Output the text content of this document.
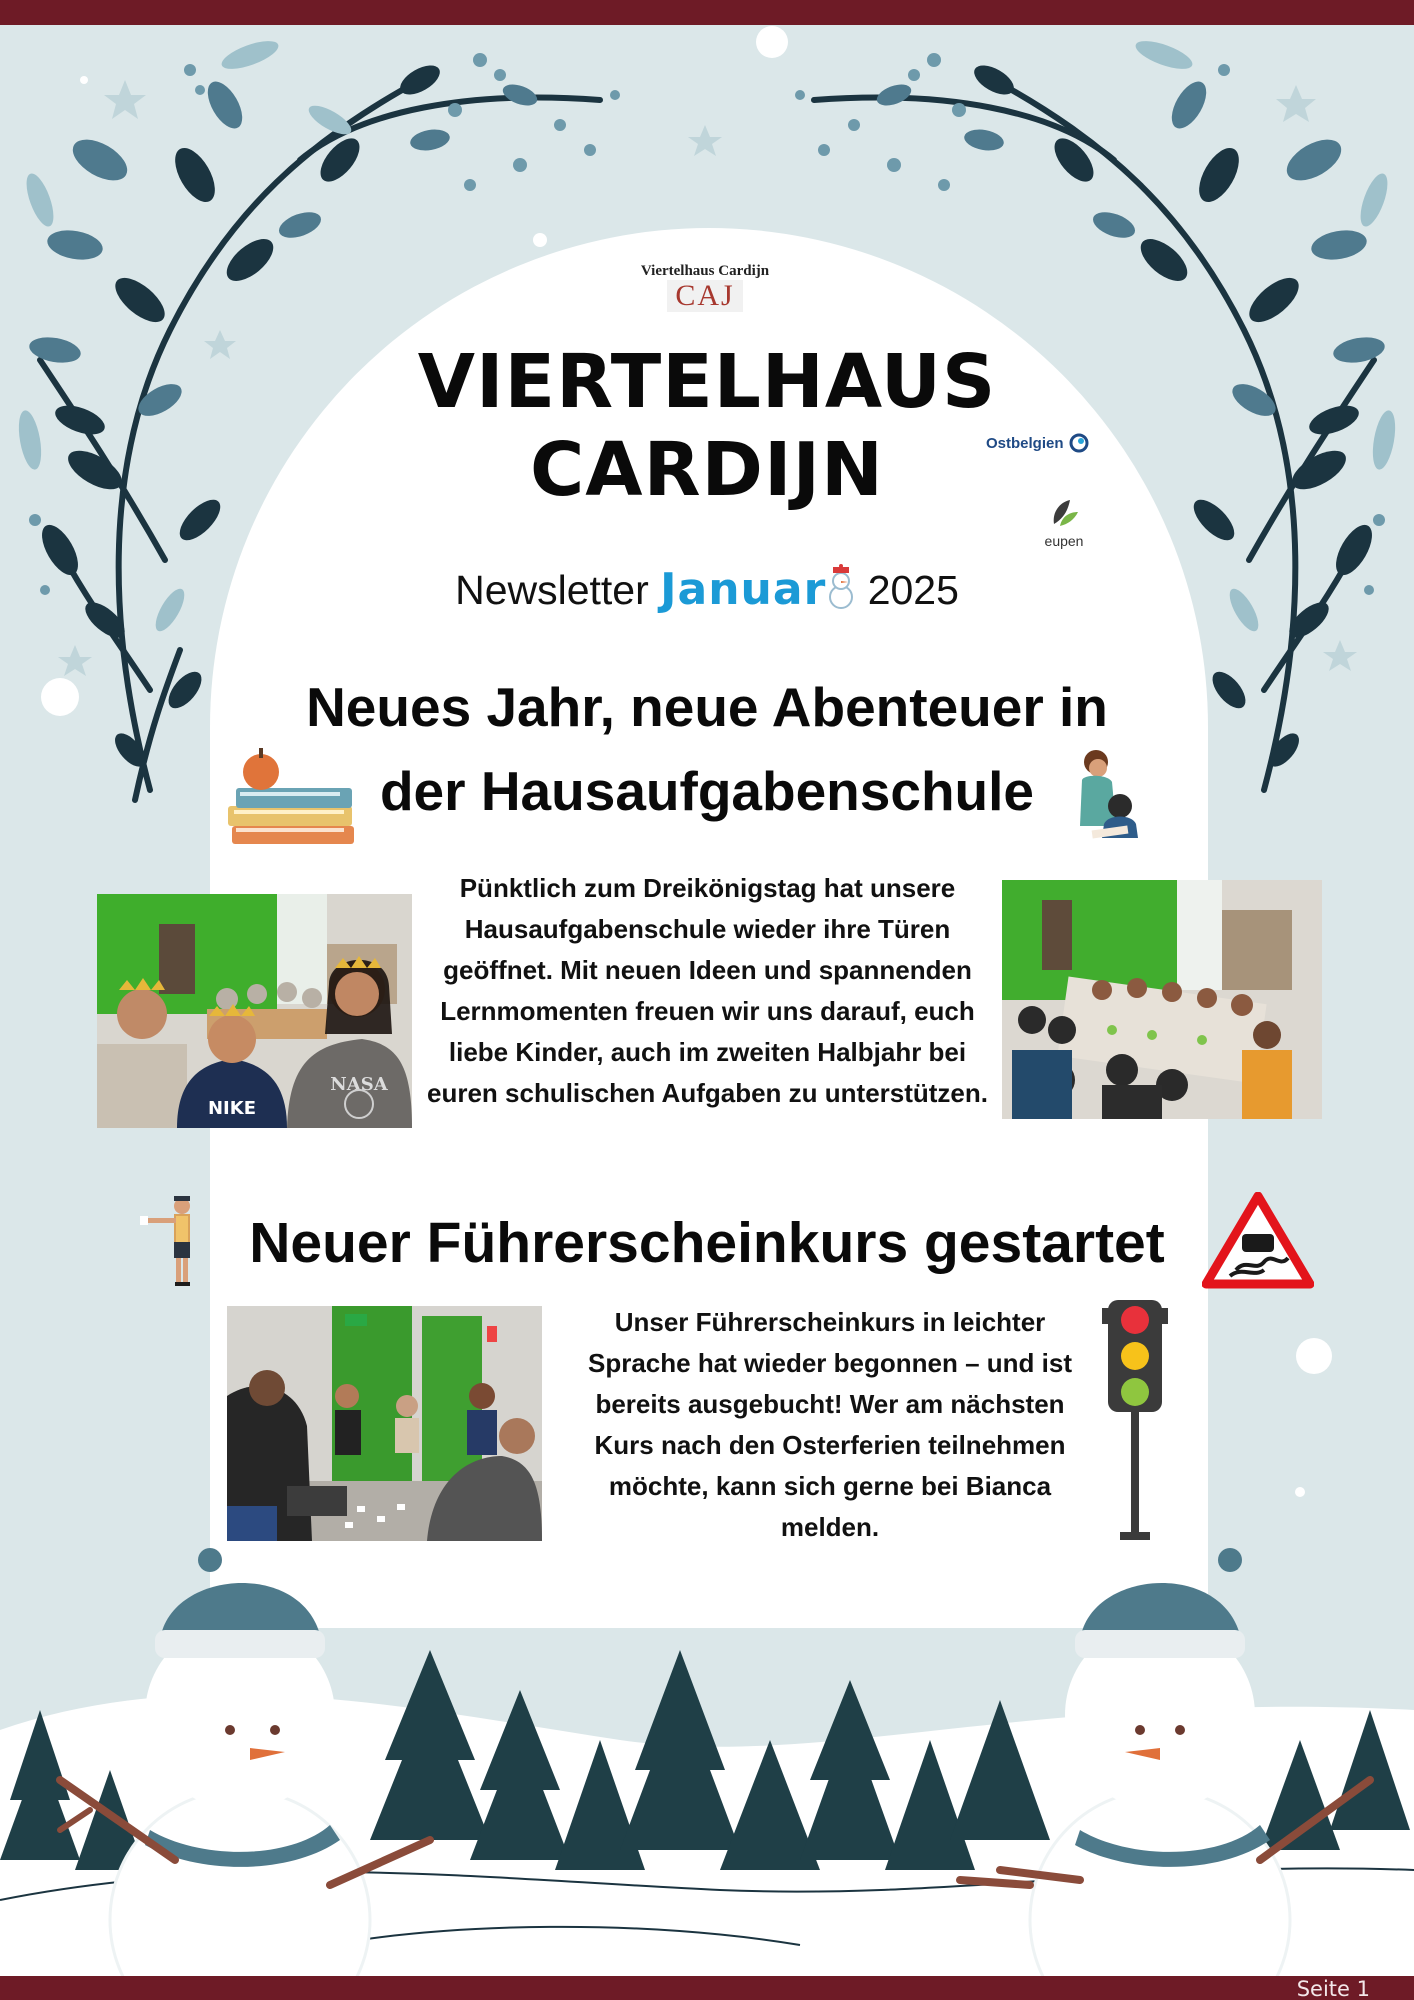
Viertelhaus Cardijn
CAJ
VIERTELHAUS
CARDIJN	Ostbelgien
eupen
Newsletter Januar 2025
Neues Jahr, neue Abenteuer in
der Hausaufgabenschule
NIKE
NASA
Pünktlich zum Dreikönigstag hat unsere Hausaufgabenschule wieder ihre Türen geöffnet. Mit neuen Ideen und spannenden Lernmomenten freuen wir uns darauf, euch liebe Kinder, auch im zweiten Halbjahr bei euren schulischen Aufgaben zu unterstützen.
Neuer Führerscheinkurs gestartet
Unser Führerscheinkurs in leichter Sprache hat wieder begonnen – und ist bereits ausgebucht! Wer am nächsten Kurs nach den Osterferien teilnehmen möchte, kann sich gerne bei Bianca melden.
Seite 1
